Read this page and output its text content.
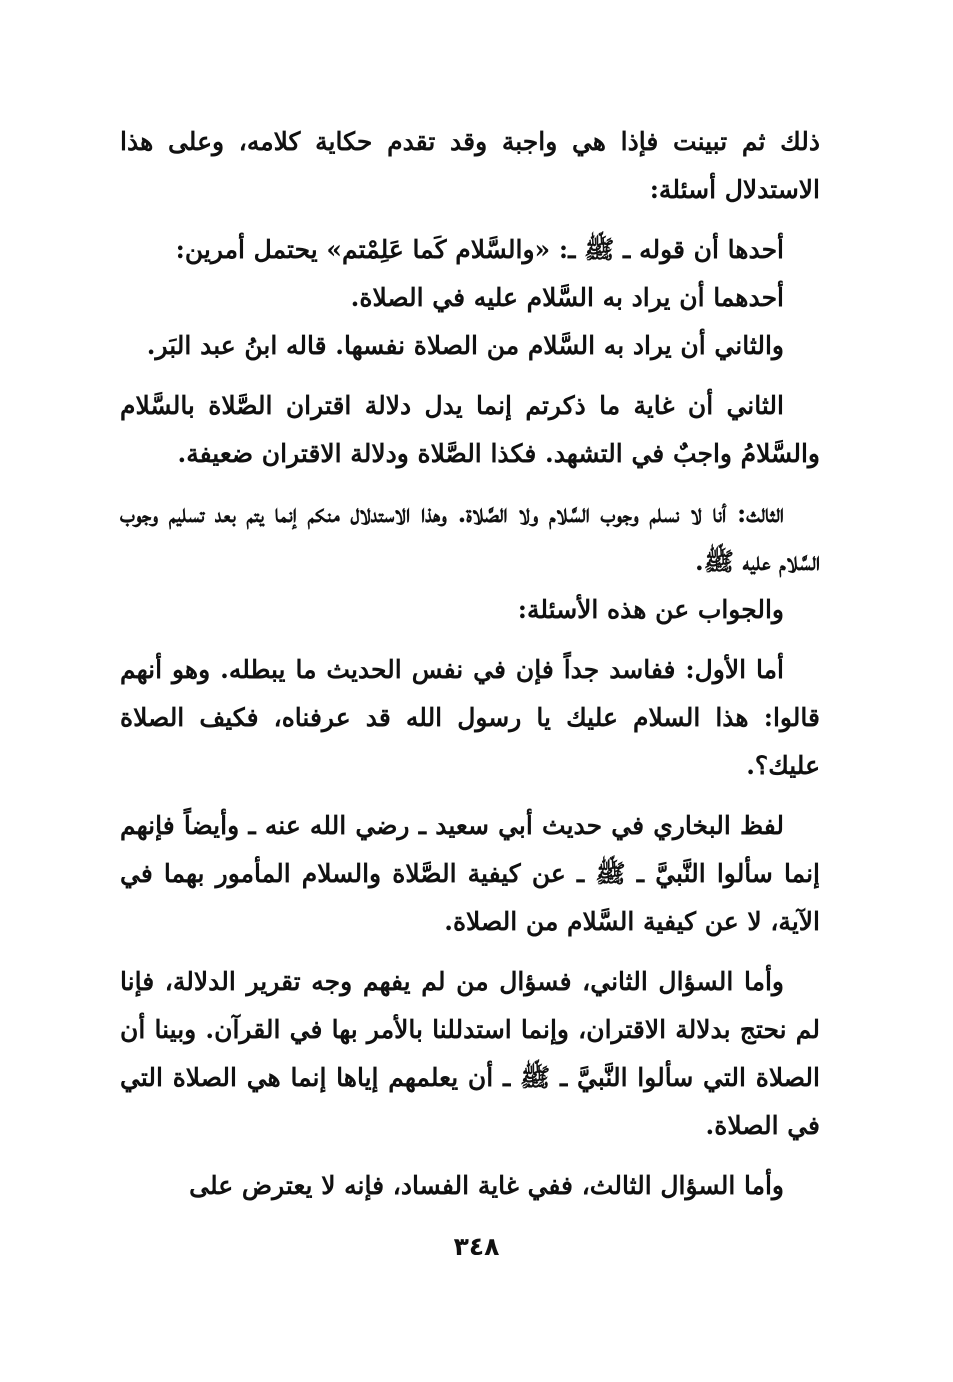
ذلك ثم تبينت فإذا هي واجبة وقد تقدم حكاية كلامه، وعلى هذا الاستدلال أسئلة:

أحدها أن قوله ـ ﷺ ـ: «والسَّلام كَما عَلِمْتم» يحتمل أمرين:

أحدهما أن يراد به السَّلام عليه في الصلاة.

والثاني أن يراد به السَّلام من الصلاة نفسها. قاله ابنُ عبد البَر.

الثاني أن غاية ما ذكرتم إنما يدل دلالة اقتران الصَّلاة بالسَّلام والسَّلامُ واجبٌ في التشهد. فكذا الصَّلاة ودلالة الاقتران ضعيفة.

الثالث: أنا لا نسلم وجوب السَّلام ولا الصَّلاة. وهذا الاستدلال منكم إنما يتم بعد تسليم وجوب السَّلام عليه ﷺ.

والجواب عن هذه الأسئلة:

أما الأول: ففاسد جداً فإن في نفس الحديث ما يبطله. وهو أنهم قالوا: هذا السلام عليك يا رسول الله قد عرفناه، فكيف الصلاة عليك؟.

لفظ البخاري في حديث أبي سعيد ـ رضي الله عنه ـ وأيضاً فإنهم إنما سألوا النَّبيَّ ـ ﷺ ـ عن كيفية الصَّلاة والسلام المأمور بهما في الآية، لا عن كيفية السَّلام من الصلاة.

وأما السؤال الثاني، فسؤال من لم يفهم وجه تقرير الدلالة، فإنا لم نحتج بدلالة الاقتران، وإنما استدللنا بالأمر بها في القرآن. وبينا أن الصلاة التي سألوا النَّبيَّ ـ ﷺ ـ أن يعلمهم إياها إنما هي الصلاة التي في الصلاة.

وأما السؤال الثالث، ففي غاية الفساد، فإنه لا يعترض على

٣٤٨
